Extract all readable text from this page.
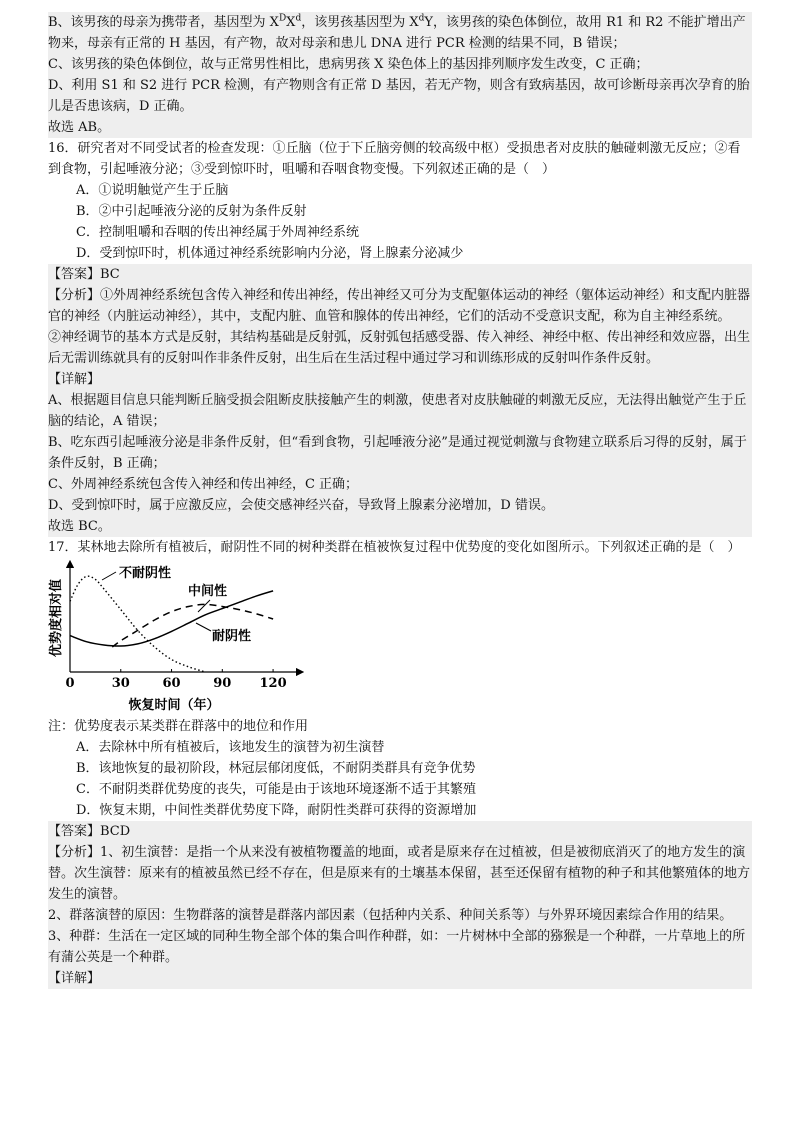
B、该男孩的母亲为携带者，基因型为 $X^DX^d$，该男孩基因型为 $X^dY$，该男孩的染色体倒位，故用 R1 和 R2 不能扩增出产物来，母亲有正常的 H 基因，有产物，故对母亲和患儿 DNA 进行 PCR 检测的结果不同，B 错误；

C、该男孩的染色体倒位，故与正常男性相比，患病男孩 X 染色体上的基因排列顺序发生改变，C 正确；

D、利用 S1 和 S2 进行 PCR 检测，有产物则含有正常 D 基因，若无产物，则含有致病基因，故可诊断母亲再次孕育的胎儿是否患该病，D 正确。

故选 AB。

16．研究者对不同受试者的检查发现：①丘脑（位于下丘脑旁侧的较高级中枢）受损患者对皮肤的触碰刺激无反应；②看到食物，引起唾液分泌；③受到惊吓时，咀嚼和吞咽食物变慢。下列叙述正确的是（　）

A．①说明触觉产生于丘脑

B．②中引起唾液分泌的反射为条件反射

C．控制咀嚼和吞咽的传出神经属于外周神经系统

D．受到惊吓时，机体通过神经系统影响内分泌，肾上腺素分泌减少

【答案】BC

【分析】①外周神经系统包含传入神经和传出神经，传出神经又可分为支配躯体运动的神经（躯体运动神经）和支配内脏器官的神经（内脏运动神经），其中，支配内脏、血管和腺体的传出神经，它们的活动不受意识支配，称为自主神经系统。

②神经调节的基本方式是反射，其结构基础是反射弧，反射弧包括感受器、传入神经、神经中枢、传出神经和效应器，出生后无需训练就具有的反射叫作非条件反射，出生后在生活过程中通过学习和训练形成的反射叫作条件反射。

【详解】

A、根据题目信息只能判断丘脑受损会阻断皮肤接触产生的刺激，使患者对皮肤触碰的刺激无反应，无法得出触觉产生于丘脑的结论，A 错误；

B、吃东西引起唾液分泌是非条件反射，但“看到食物，引起唾液分泌”是通过视觉刺激与食物建立联系后习得的反射，属于条件反射，B 正确；

C、外周神经系统包含传入神经和传出神经，C 正确；

D、受到惊吓时，属于应激反应，会使交感神经兴奋，导致肾上腺素分泌增加，D 错误。

故选 BC。

17．某林地去除所有植被后，耐阴性不同的树种类群在植被恢复过程中优势度的变化如图所示。下列叙述正确的是（　）

0	30	60	90 120
优势度相对值
恢复时间（年）
不耐阴性
中间性
耐阴性

注：优势度表示某类群在群落中的地位和作用

A．去除林中所有植被后，该地发生的演替为初生演替

B．该地恢复的最初阶段，林冠层郁闭度低，不耐阴类群具有竞争优势

C．不耐阴类群优势度的丧失，可能是由于该地环境逐渐不适于其繁殖

D．恢复末期，中间性类群优势度下降，耐阴性类群可获得的资源增加

【答案】BCD

【分析】1、初生演替：是指一个从来没有被植物覆盖的地面，或者是原来存在过植被，但是被彻底消灭了的地方发生的演替。次生演替：原来有的植被虽然已经不存在，但是原来有的土壤基本保留，甚至还保留有植物的种子和其他繁殖体的地方发生的演替。

2、群落演替的原因：生物群落的演替是群落内部因素（包括种内关系、种间关系等）与外界环境因素综合作用的结果。

3、种群：生活在一定区域的同种生物全部个体的集合叫作种群，如：一片树林中全部的猕猴是一个种群，一片草地上的所有蒲公英是一个种群。

【详解】
